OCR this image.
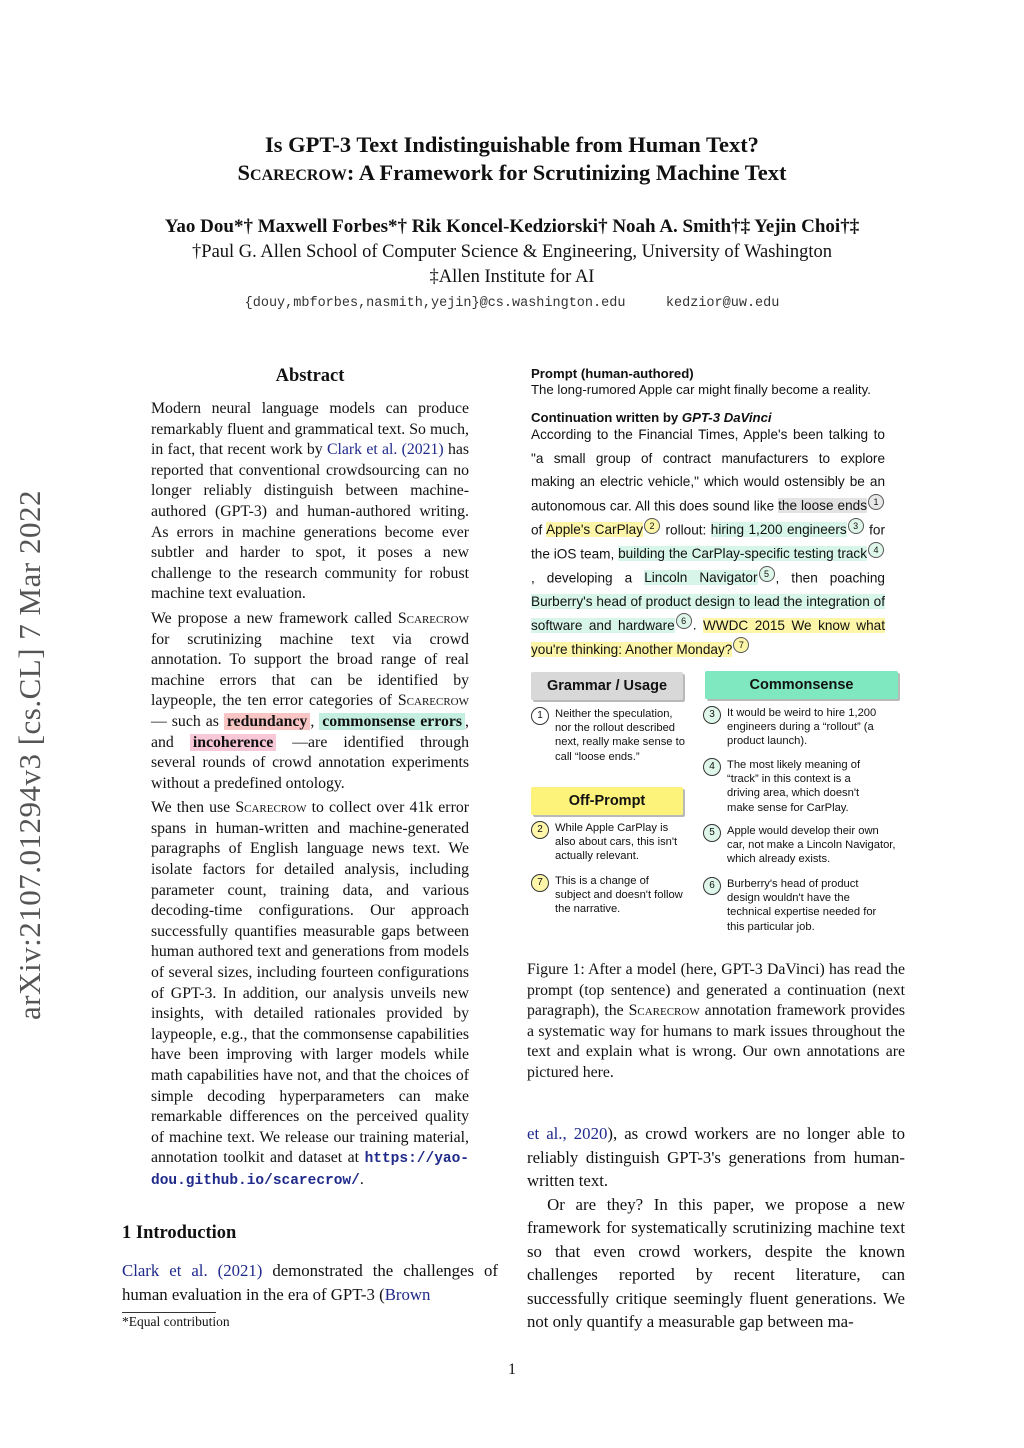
Is GPT-3 Text Indistinguishable from Human Text?
Scarecrow: A Framework for Scrutinizing Machine Text
Yao Dou*† Maxwell Forbes*† Rik Koncel-Kedziorski† Noah A. Smith†‡ Yejin Choi†‡
†Paul G. Allen School of Computer Science & Engineering, University of Washington
‡Allen Institute for AI
{douy,mbforbes,nasmith,yejin}@cs.washington.edu     kedzior@uw.edu
arXiv:2107.01294v3 [cs.CL] 7 Mar 2022
Abstract

Modern neural language models can produce remarkably fluent and grammatical text. So much, in fact, that recent work by Clark et al. (2021) has reported that conventional crowdsourcing can no longer reliably distinguish between machine-authored (GPT-3) and human-authored writing. As errors in machine generations become ever subtler and harder to spot, it poses a new challenge to the research community for robust machine text evaluation.

We propose a new framework called Scarecrow for scrutinizing machine text via crowd annotation. To support the broad range of real machine errors that can be identified by laypeople, the ten error categories of Scarecrow— such as redundancy , commonsense errors , and incoherence —are identified through several rounds of crowd annotation experiments without a predefined ontology.

We then use Scarecrow to collect over 41k error spans in human-written and machine-generated paragraphs of English language news text. We isolate factors for detailed analysis, including parameter count, training data, and various decoding-time configurations. Our approach successfully quantifies measurable gaps between human authored text and generations from models of several sizes, including fourteen configurations of GPT-3. In addition, our analysis unveils new insights, with detailed rationales provided by laypeople, e.g., that the commonsense capabilities have been improving with larger models while math capabilities have not, and that the choices of simple decoding hyperparameters can make remarkable differences on the perceived quality of machine text. We release our training material, annotation toolkit and dataset at https://yao-dou.github.io/scarecrow/.

1 Introduction
Clark et al. (2021) demonstrated the challenges of human evaluation in the era of GPT-3 (Brown
*Equal contribution
Prompt (human-authored)
The long-rumored Apple car might finally become a reality.
Continuation written by GPT-3 DaVinci
According to the Financial Times, Apple's been talking to "a small group of contract manufacturers to explore making an electric vehicle," which would ostensibly be an autonomous car. All this does sound like the loose ends 1 of Apple's CarPlay 2 rollout: hiring 1,200 engineers 3 for the iOS team, building the CarPlay-specific testing track 4, developing a Lincoln Navigator 5 , then poaching Burberry's head of product design to lead the integration of software and hardware 6 . WWDC 2015 We know what you're thinking: Another Monday? 7
Grammar / Usage	Commonsense
Off-Prompt
1	Neither the speculation, nor the rollout described next, really make sense to call “loose ends.”
2	While Apple CarPlay is also about cars, this isn't actually relevant.
7	This is a change of subject and doesn't follow the narrative.
3	It would be weird to hire 1,200 engineers during a “rollout” (a product launch).
4	The most likely meaning of “track” in this context is a driving area, which doesn't make sense for CarPlay.
5	Apple would develop their own car, not make a Lincoln Navigator, which already exists.
6	Burberry's head of product design wouldn't have the technical expertise needed for this particular job.
Figure 1: After a model (here, GPT-3 DaVinci) has read the prompt (top sentence) and generated a continuation (next paragraph), the Scarecrow annotation framework provides a systematic way for humans to mark issues throughout the text and explain what is wrong. Our own annotations are pictured here.

et al., 2020), as crowd workers are no longer able to reliably distinguish GPT-3's generations from human-written text.

Or are they? In this paper, we propose a new framework for systematically scrutinizing machine text so that even crowd workers, despite the known challenges reported by recent literature, can successfully critique seemingly fluent generations. We not only quantify a measurable gap between ma-

1
